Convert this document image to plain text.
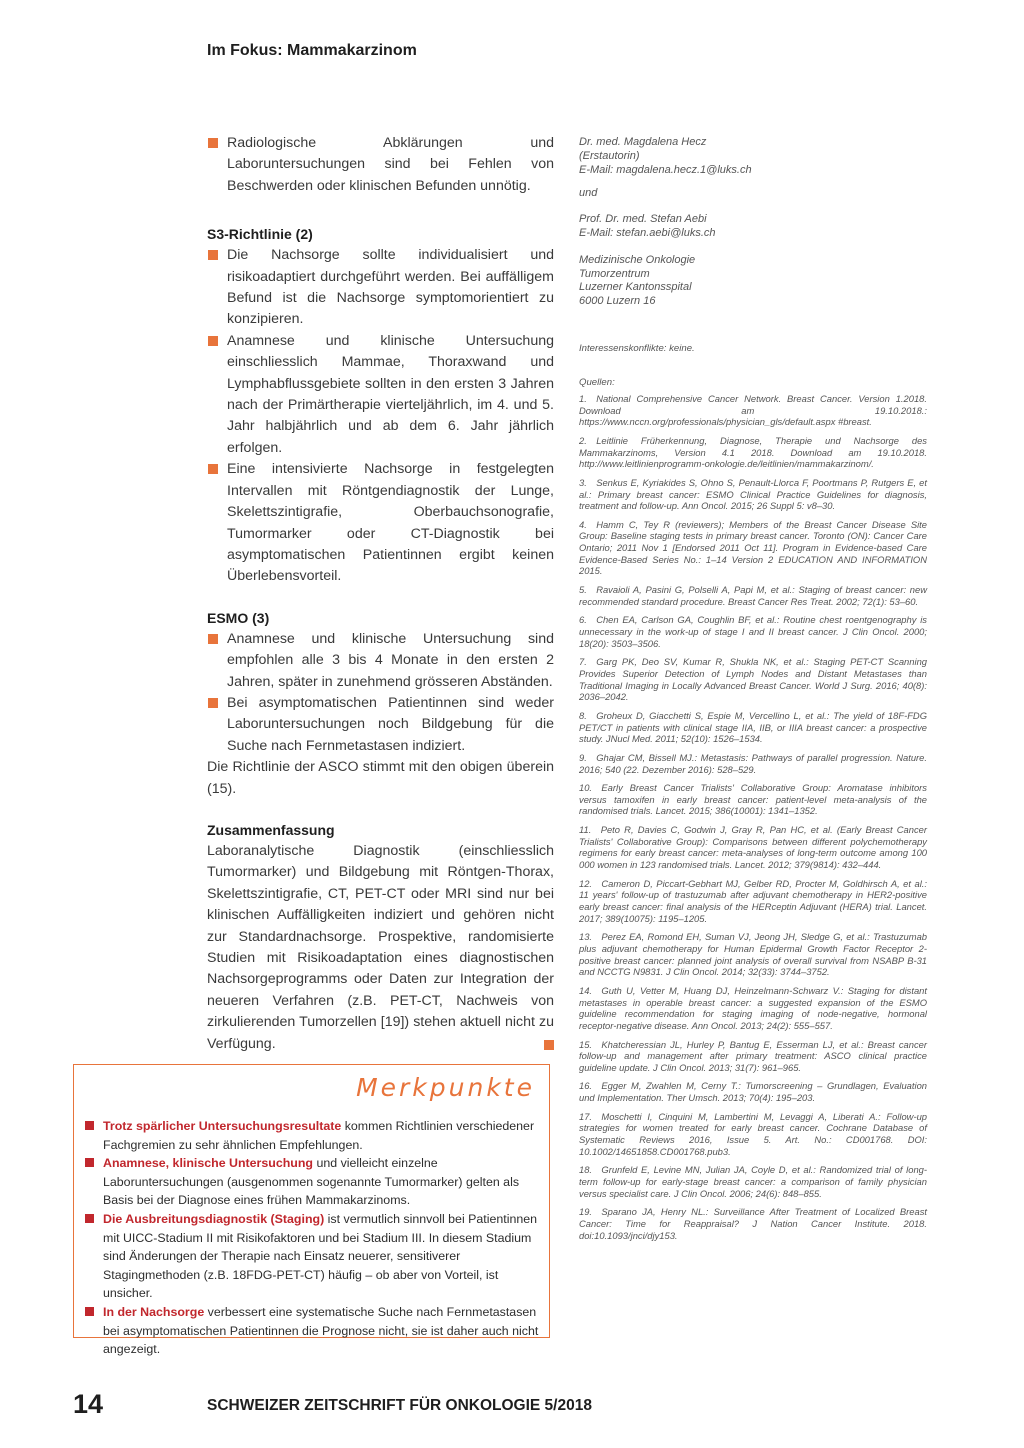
Im Fokus: Mammakarzinom

Radiologische Abklärungen und Laboruntersuchungen sind bei Fehlen von Beschwerden oder klinischen Befunden unnötig.

S3-Richtlinie (2)

Die Nachsorge sollte individualisiert und risikoadaptiert durchgeführt werden. Bei auffälligem Befund ist die Nachsorge symptomorientiert zu konzipieren.

Anamnese und klinische Untersuchung einschliesslich Mammae, Thoraxwand und Lymphabflussgebiete sollten in den ersten 3 Jahren nach der Primärtherapie vierteljährlich, im 4. und 5. Jahr halbjährlich und ab dem 6. Jahr jährlich erfolgen.

Eine intensivierte Nachsorge in festgelegten Intervallen mit Röntgendiagnostik der Lunge, Skelettszintigrafie, Oberbauchsonografie, Tumormarker oder CT-Diagnostik bei asymptomatischen Patientinnen ergibt keinen Überlebensvorteil.

ESMO (3)

Anamnese und klinische Untersuchung sind empfohlen alle 3 bis 4 Monate in den ersten 2 Jahren, später in zunehmend grösseren Abständen.

Bei asymptomatischen Patientinnen sind weder Laboruntersuchungen noch Bildgebung für die Suche nach Fernmetastasen indiziert.

Die Richtlinie der ASCO stimmt mit den obigen überein (15).

Zusammenfassung

Laboranalytische Diagnostik (einschliesslich Tumormarker) und Bildgebung mit Röntgen-Thorax, Skelettszintigrafie, CT, PET-CT oder MRI sind nur bei klinischen Auffälligkeiten indiziert und gehören nicht zur Standardnachsorge. Prospektive, randomisierte Studien mit Risikoadaptation eines diagnostischen Nachsorgeprogramms oder Daten zur Integration der neueren Verfahren (z.B. PET-CT, Nachweis von zirkulierenden Tumorzellen [19]) stehen aktuell nicht zu Verfügung.

Merkpunkte

Trotz spärlicher Untersuchungsresultate kommen Richtlinien verschiedener Fachgremien zu sehr ähnlichen Empfehlungen.

Anamnese, klinische Untersuchung und vielleicht einzelne Laboruntersuchungen (ausgenommen sogenannte Tumormarker) gelten als Basis bei der Diagnose eines frühen Mammakarzinoms.

Die Ausbreitungsdiagnostik (Staging) ist vermutlich sinnvoll bei Patientinnen mit UICC-Stadium II mit Risikofaktoren und bei Stadium III. In diesem Stadium sind Änderungen der Therapie nach Einsatz neuerer, sensitiverer Stagingmethoden (z.B. 18FDG-PET-CT) häufig – ob aber von Vorteil, ist unsicher.

In der Nachsorge verbessert eine systematische Suche nach Fernmetastasen bei asymptomatischen Patientinnen die Prognose nicht, sie ist daher auch nicht angezeigt.

Dr. med. Magdalena Hecz

(Erstautorin)

E-Mail: magdalena.hecz.1@luks.ch

und

Prof. Dr. med. Stefan Aebi

E-Mail: stefan.aebi@luks.ch

Medizinische Onkologie

Tumorzentrum

Luzerner Kantonsspital

6000 Luzern 16

Interessenskonflikte: keine.

Quellen:

1. National Comprehensive Cancer Network. Breast Cancer. Version 1.2018. Download am 19.10.2018.: https://www.nccn.org/professionals/physician_gls/default.aspx #breast.

2. Leitlinie Früherkennung, Diagnose, Therapie und Nachsorge des Mammakarzinoms, Version 4.1 2018. Download am 19.10.2018. http://www.leitlinienprogramm-onkologie.de/leitlinien/mammakarzinom/.

3. Senkus E, Kyriakides S, Ohno S, Penault-Llorca F, Poortmans P, Rutgers E, et al.: Primary breast cancer: ESMO Clinical Practice Guidelines for diagnosis, treatment and follow-up. Ann Oncol. 2015; 26 Suppl 5: v8–30.

4. Hamm C, Tey R (reviewers); Members of the Breast Cancer Disease Site Group: Baseline staging tests in primary breast cancer. Toronto (ON): Cancer Care Ontario; 2011 Nov 1 [Endorsed 2011 Oct 11]. Program in Evidence-based Care Evidence-Based Series No.: 1–14 Version 2 EDUCATION AND INFORMATION 2015.

5. Ravaioli A, Pasini G, Polselli A, Papi M, et al.: Staging of breast cancer: new recommended standard procedure. Breast Cancer Res Treat. 2002; 72(1): 53–60.

6. Chen EA, Carlson GA, Coughlin BF, et al.: Routine chest roentgenography is unnecessary in the work-up of stage I and II breast cancer. J Clin Oncol. 2000; 18(20): 3503–3506.

7. Garg PK, Deo SV, Kumar R, Shukla NK, et al.: Staging PET-CT Scanning Provides Superior Detection of Lymph Nodes and Distant Metastases than Traditional Imaging in Locally Advanced Breast Cancer. World J Surg. 2016; 40(8): 2036–2042.

8. Groheux D, Giacchetti S, Espie M, Vercellino L, et al.: The yield of 18F-FDG PET/CT in patients with clinical stage IIA, IIB, or IIIA breast cancer: a prospective study. JNucl Med. 2011; 52(10): 1526–1534.

9. Ghajar CM, Bissell MJ.: Metastasis: Pathways of parallel progression. Nature. 2016; 540 (22. Dezember 2016): 528–529.

10. Early Breast Cancer Trialists' Collaborative Group: Aromatase inhibitors versus tamoxifen in early breast cancer: patient-level meta-analysis of the randomised trials. Lancet. 2015; 386(10001): 1341–1352.

11. Peto R, Davies C, Godwin J, Gray R, Pan HC, et al. (Early Breast Cancer Trialists' Collaborative Group): Comparisons between different polychemotherapy regimens for early breast cancer: meta-analyses of long-term outcome among 100 000 women in 123 randomised trials. Lancet. 2012; 379(9814): 432–444.

12. Cameron D, Piccart-Gebhart MJ, Gelber RD, Procter M, Goldhirsch A, et al.: 11 years' follow-up of trastuzumab after adjuvant chemotherapy in HER2-positive early breast cancer: final analysis of the HERceptin Adjuvant (HERA) trial. Lancet. 2017; 389(10075): 1195–1205.

13. Perez EA, Romond EH, Suman VJ, Jeong JH, Sledge G, et al.: Trastuzumab plus adjuvant chemotherapy for Human Epidermal Growth Factor Receptor 2-positive breast cancer: planned joint analysis of overall survival from NSABP B-31 and NCCTG N9831. J Clin Oncol. 2014; 32(33): 3744–3752.

14. Guth U, Vetter M, Huang DJ, Heinzelmann-Schwarz V.: Staging for distant metastases in operable breast cancer: a suggested expansion of the ESMO guideline recommendation for staging imaging of node-negative, hormonal receptor-negative disease. Ann Oncol. 2013; 24(2): 555–557.

15. Khatcheressian JL, Hurley P, Bantug E, Esserman LJ, et al.: Breast cancer follow-up and management after primary treatment: ASCO clinical practice guideline update. J Clin Oncol. 2013; 31(7): 961–965.

16. Egger M, Zwahlen M, Cerny T.: Tumorscreening – Grundlagen, Evaluation und Implementation. Ther Umsch. 2013; 70(4): 195–203.

17. Moschetti I, Cinquini M, Lambertini M, Levaggi A, Liberati A.: Follow-up strategies for women treated for early breast cancer. Cochrane Database of Systematic Reviews 2016, Issue 5. Art. No.: CD001768. DOI: 10.1002/14651858.CD001768.pub3.

18. Grunfeld E, Levine MN, Julian JA, Coyle D, et al.: Randomized trial of long-term follow-up for early-stage breast cancer: a comparison of family physician versus specialist care. J Clin Oncol. 2006; 24(6): 848–855.

19. Sparano JA, Henry NL.: Surveillance After Treatment of Localized Breast Cancer: Time for Reappraisal? J Nation Cancer Institute. 2018. doi:10.1093/jnci/djy153.

14	SCHWEIZER ZEITSCHRIFT FÜR ONKOLOGIE 5/2018
